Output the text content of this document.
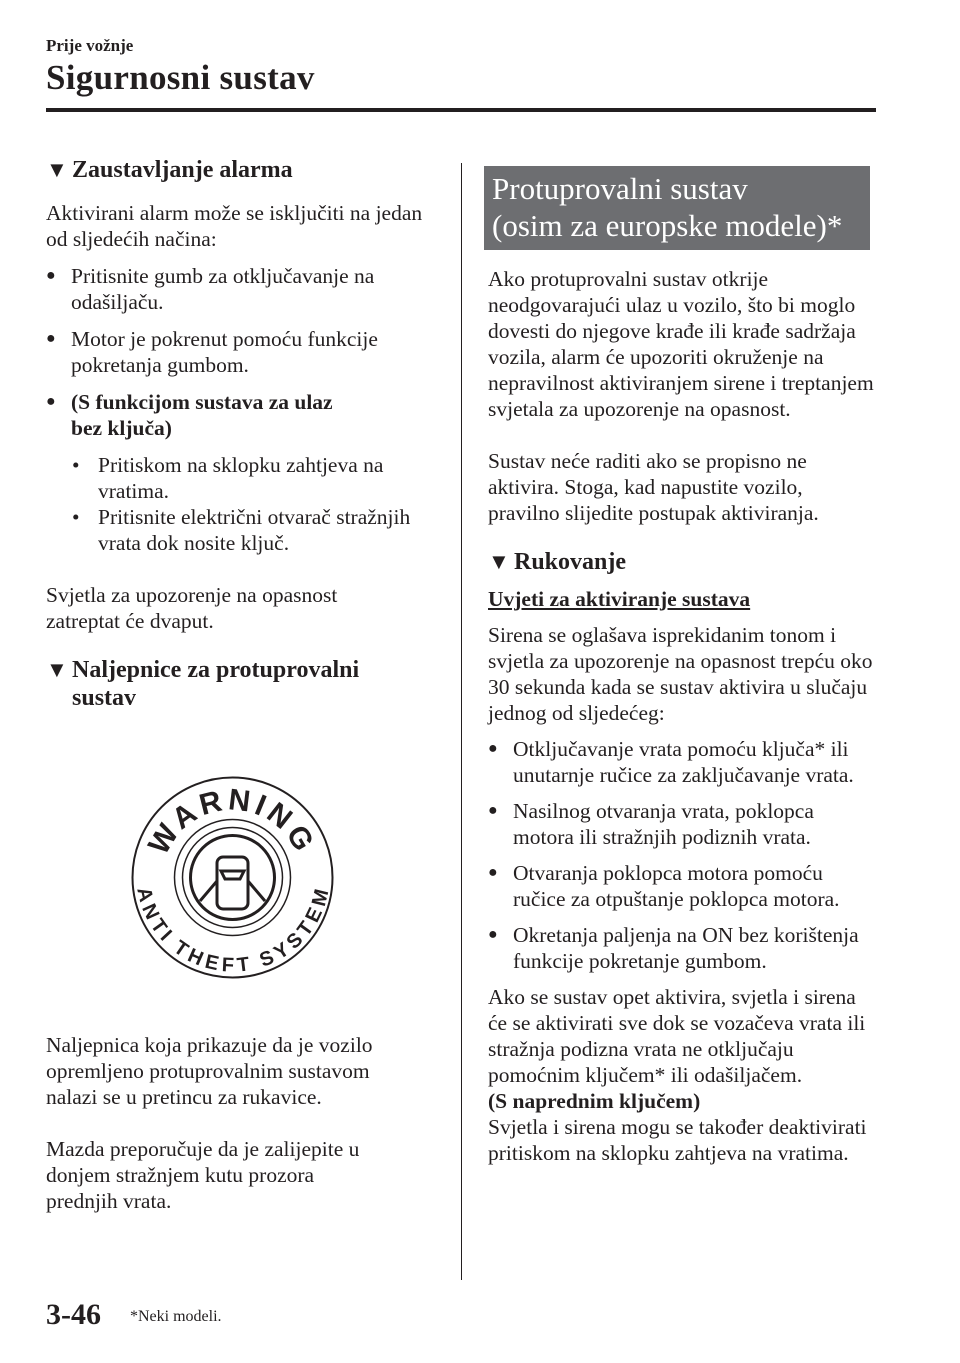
Prije vožnje
Sigurnosni sustav
▼ Zaustavljanje alarma

Aktivirani alarm može se isključiti na jedan od sljedećih načina:

● Pritisnite gumb za otključavanje na odašiljaču.
● Motor je pokrenut pomoću funkcije pokretanja gumbom.
● (S funkcijom sustava za ulaz bez ključa)
• Pritiskom na sklopku zahtjeva na vratima.
• Pritisnite električni otvarač stražnjih vrata dok nosite ključ.

Svjetla za upozorenje na opasnost zatreptat će dvaput.

▼ Naljepnice za protuprovalni sustav

Naljepnica koja prikazuje da je vozilo opremljeno protuprovalnim sustavom nalazi se u pretincu za rukavice.

Mazda preporučuje da je zalijepite u donjem stražnjem kutu prozora prednjih vrata.

WARNING
ANTI THEFT SYSTEM
Protuprovalni sustav
(osim za europske modele)*

Ako protuprovalni sustav otkrije neodgovarajući ulaz u vozilo, što bi moglo dovesti do njegove krađe ili krađe sadržaja vozila, alarm će upozoriti okruženje na nepravilnost aktiviranjem sirene i treptanjem svjetala za upozorenje na opasnost.

Sustav neće raditi ako se propisno ne aktivira. Stoga, kad napustite vozilo, pravilno slijedite postupak aktiviranja.

▼ Rukovanje

Uvjeti za aktiviranje sustava

Sirena se oglašava isprekidanim tonom i svjetla za upozorenje na opasnost trepću oko 30 sekunda kada se sustav aktivira u slučaju jednog od sljedećeg:

● Otključavanje vrata pomoću ključa* ili unutarnje ručice za zaključavanje vrata.
● Nasilnog otvaranja vrata, poklopca motora ili stražnjih podiznih vrata.
● Otvaranja poklopca motora pomoću ručice za otpuštanje poklopca motora.
● Okretanja paljenja na ON bez korištenja funkcije pokretanje gumbom.

Ako se sustav opet aktivira, svjetla i sirena će se aktivirati sve dok se vozačeva vrata ili stražnja podizna vrata ne otključaju pomoćnim ključem* ili odašiljačem.

(S naprednim ključem)

Svjetla i sirena mogu se također deaktivirati pritiskom na sklopku zahtjeva na vratima.

3-46 *Neki modeli.
